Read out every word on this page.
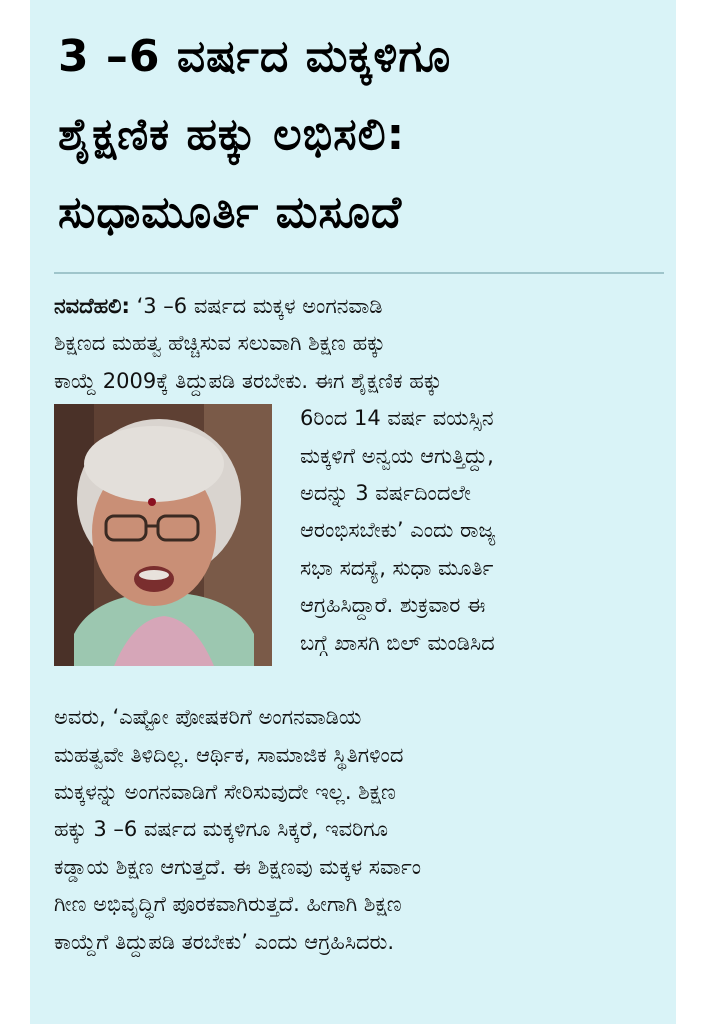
3 –6 ವರ್ಷದ ಮಕ್ಕಳಿಗೂ
ಶೈಕ್ಷಣಿಕ ಹಕ್ಕು ಲಭಿಸಲಿ:
ಸುಧಾಮೂರ್ತಿ ಮಸೂದೆ
ನವದೆಹಲಿ: ‘3 –6 ವರ್ಷದ ಮಕ್ಕಳ ಅಂಗನವಾಡಿ
ಶಿಕ್ಷಣದ ಮಹತ್ವ ಹೆಚ್ಚಿಸುವ ಸಲುವಾಗಿ ಶಿಕ್ಷಣ ಹಕ್ಕು
ಕಾಯ್ದೆ 2009ಕ್ಕೆ ತಿದ್ದುಪಡಿ ತರಬೇಕು. ಈಗ ಶೈಕ್ಷಣಿಕ ಹಕ್ಕು
6ರಿಂದ 14 ವರ್ಷ ವಯಸ್ಸಿನ
ಮಕ್ಕಳಿಗೆ ಅನ್ವಯ ಆಗುತ್ತಿದ್ದು,
ಅದನ್ನು 3 ವರ್ಷದಿಂದಲೇ
ಆರಂಭಿಸಬೇಕು’ ಎಂದು ರಾಜ್ಯ
ಸಭಾ ಸದಸ್ಯೆ, ಸುಧಾ ಮೂರ್ತಿ
ಆಗ್ರಹಿಸಿದ್ದಾರೆ. ಶುಕ್ರವಾರ ಈ
ಬಗ್ಗೆ ಖಾಸಗಿ ಬಿಲ್ ಮಂಡಿಸಿದ
ಅವರು, ‘ಎಷ್ಟೋ ಪೋಷಕರಿಗೆ ಅಂಗನವಾಡಿಯ
ಮಹತ್ವವೇ ತಿಳಿದಿಲ್ಲ. ಆರ್ಥಿಕ, ಸಾಮಾಜಿಕ ಸ್ಥಿತಿಗಳಿಂದ
ಮಕ್ಕಳನ್ನು ಅಂಗನವಾಡಿಗೆ ಸೇರಿಸುವುದೇ ಇಲ್ಲ. ಶಿಕ್ಷಣ
ಹಕ್ಕು 3 –6 ವರ್ಷದ ಮಕ್ಕಳಿಗೂ ಸಿಕ್ಕರೆ, ಇವರಿಗೂ
ಕಡ್ಡಾಯ ಶಿಕ್ಷಣ ಆಗುತ್ತದೆ. ಈ ಶಿಕ್ಷಣವು ಮಕ್ಕಳ ಸರ್ವಾಂ
ಗೀಣ ಅಭಿವೃದ್ಧಿಗೆ ಪೂರಕವಾಗಿರುತ್ತದೆ. ಹೀಗಾಗಿ ಶಿಕ್ಷಣ
ಕಾಯ್ದೆಗೆ ತಿದ್ದುಪಡಿ ತರಬೇಕು’ ಎಂದು ಆಗ್ರಹಿಸಿದರು.
